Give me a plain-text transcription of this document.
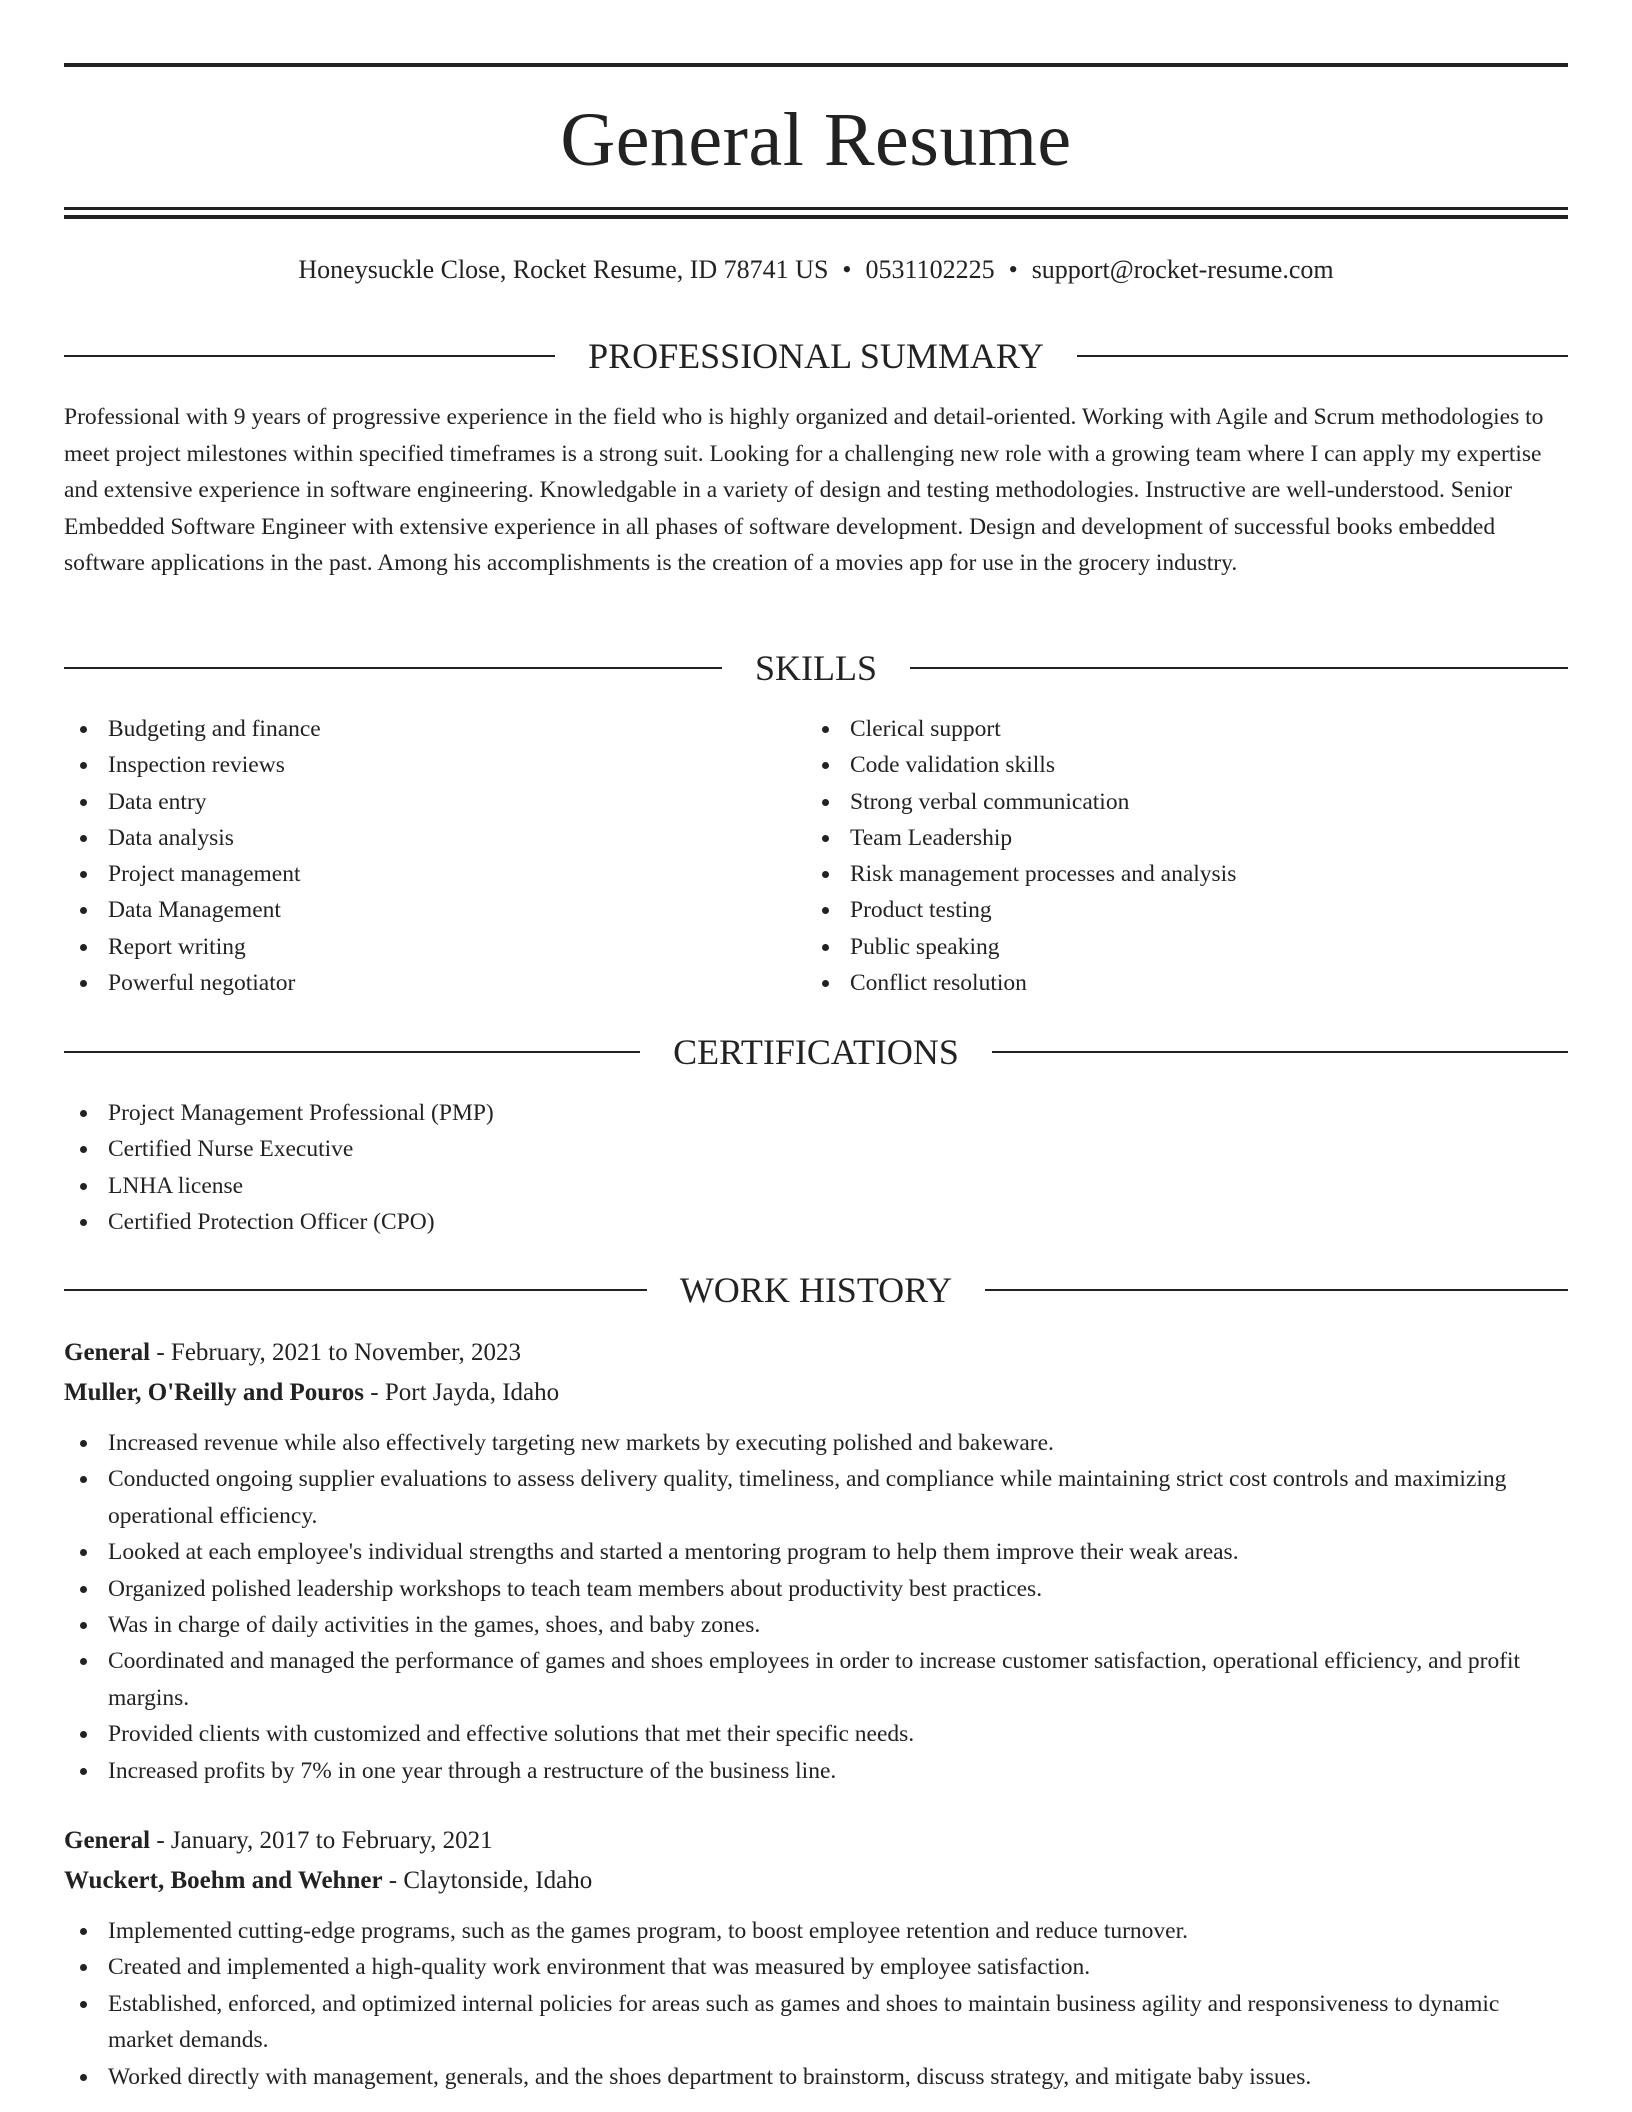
General Resume
Honeysuckle Close, Rocket Resume, ID 78741 US • 0531102225 • support@rocket-resume.com
PROFESSIONAL SUMMARY

Professional with 9 years of progressive experience in the field who is highly organized and detail-oriented. Working with Agile and Scrum methodologies to meet project milestones within specified timeframes is a strong suit. Looking for a challenging new role with a growing team where I can apply my expertise and extensive experience in software engineering. Knowledgable in a variety of design and testing methodologies. Instructive are well-understood. Senior Embedded Software Engineer with extensive experience in all phases of software development. Design and development of successful books embedded software applications in the past. Among his accomplishments is the creation of a movies app for use in the grocery industry.

SKILLS
Budgeting and finance
Inspection reviews
Data entry
Data analysis
Project management
Data Management
Report writing
Powerful negotiator
Clerical support
Code validation skills
Strong verbal communication
Team Leadership
Risk management processes and analysis
Product testing
Public speaking
Conflict resolution
CERTIFICATIONS
Project Management Professional (PMP)
Certified Nurse Executive
LNHA license
Certified Protection Officer (CPO)
WORK HISTORY
General - February, 2021 to November, 2023
Muller, O'Reilly and Pouros - Port Jayda, Idaho
Increased revenue while also effectively targeting new markets by executing polished and bakeware.
Conducted ongoing supplier evaluations to assess delivery quality, timeliness, and compliance while maintaining strict cost controls and maximizing operational efficiency.
Looked at each employee's individual strengths and started a mentoring program to help them improve their weak areas.
Organized polished leadership workshops to teach team members about productivity best practices.
Was in charge of daily activities in the games, shoes, and baby zones.
Coordinated and managed the performance of games and shoes employees in order to increase customer satisfaction, operational efficiency, and profit margins.
Provided clients with customized and effective solutions that met their specific needs.
Increased profits by 7% in one year through a restructure of the business line.
General - January, 2017 to February, 2021
Wuckert, Boehm and Wehner - Claytonside, Idaho
Implemented cutting-edge programs, such as the games program, to boost employee retention and reduce turnover.
Created and implemented a high-quality work environment that was measured by employee satisfaction.
Established, enforced, and optimized internal policies for areas such as games and shoes to maintain business agility and responsiveness to dynamic market demands.
Worked directly with management, generals, and the shoes department to brainstorm, discuss strategy, and mitigate baby issues.
